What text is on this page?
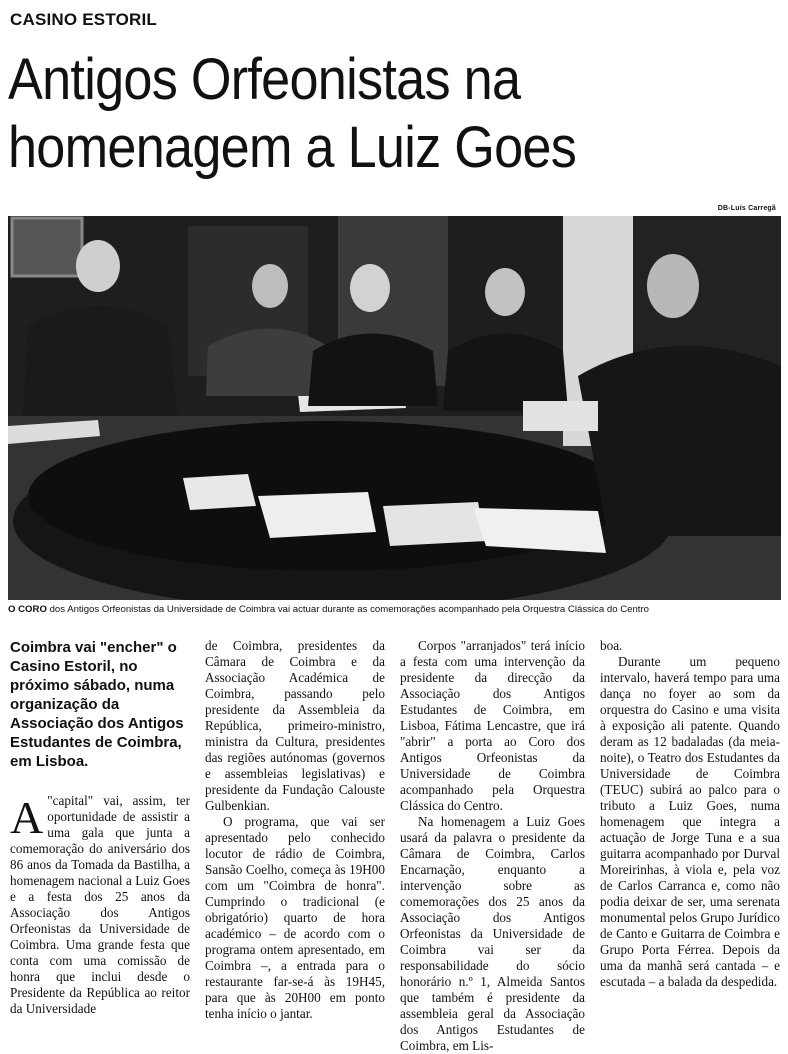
CASINO ESTORIL
Antigos Orfeonistas na
homenagem a Luiz Goes
DB-Luís Carregã
O CORO dos Antigos Orfeonistas da Universidade de Coimbra vai actuar durante as comemorações acompanhado pela Orquestra Clássica do Centro
Coimbra vai "encher" o Casino Estoril, no próximo sábado, numa organização da Associação dos Antigos Estudantes de Coimbra, em Lisboa.
A "capital" vai, assim, ter oportunidade de assistir a uma gala que junta a comemoração do aniversário dos 86 anos da Tomada da Bastilha, a homenagem nacional a Luiz Goes e a festa dos 25 anos da Associação dos Antigos Orfeonistas da Universidade de Coimbra. Uma grande festa que conta com uma comissão de honra que inclui desde o Presidente da República ao reitor da Universidade

de Coimbra, presidentes da Câmara de Coimbra e da Associação Académica de Coimbra, passando pelo presidente da Assembleia da República, primeiro-ministro, ministra da Cultura, presidentes das regiões autónomas (governos e assembleias legislativas) e presidente da Fundação Calouste Gulbenkian.

O programa, que vai ser apresentado pelo conhecido locutor de rádio de Coimbra, Sansão Coelho, começa às 19H00 com um "Coimbra de honra". Cumprindo o tradicional (e obrigatório) quarto de hora académico – de acordo com o programa ontem apresentado, em Coimbra –, a entrada para o restaurante far-se-á às 19H45, para que às 20H00 em ponto tenha início o jantar.

Corpos "arranjados" terá início a festa com uma intervenção da presidente da direcção da Associação dos Antigos Estudantes de Coimbra, em Lisboa, Fátima Lencastre, que irá "abrir" a porta ao Coro dos Antigos Orfeonistas da Universidade de Coimbra acompanhado pela Orquestra Clássica do Centro.

Na homenagem a Luiz Goes usará da palavra o presidente da Câmara de Coimbra, Carlos Encarnação, enquanto a intervenção sobre as comemorações dos 25 anos da Associação dos Antigos Orfeonistas da Universidade de Coimbra vai ser da responsabilidade do sócio honorário n.º 1, Almeida Santos que também é presidente da assembleia geral da Associação dos Antigos Estudantes de Coimbra, em Lis-

boa.

Durante um pequeno intervalo, haverá tempo para uma dança no foyer ao som da orquestra do Casino e uma visita à exposição ali patente. Quando deram as 12 badaladas (da meia-noite), o Teatro dos Estudantes da Universidade de Coimbra (TEUC) subirá ao palco para o tributo a Luiz Goes, numa homenagem que integra a actuação de Jorge Tuna e a sua guitarra acompanhado por Durval Moreirinhas, à viola e, pela voz de Carlos Carranca e, como não podia deixar de ser, uma serenata monumental pelos Grupo Jurídico de Canto e Guitarra de Coimbra e Grupo Porta Férrea. Depois da uma da manhã será cantada – e escutada – a balada da despedida.
